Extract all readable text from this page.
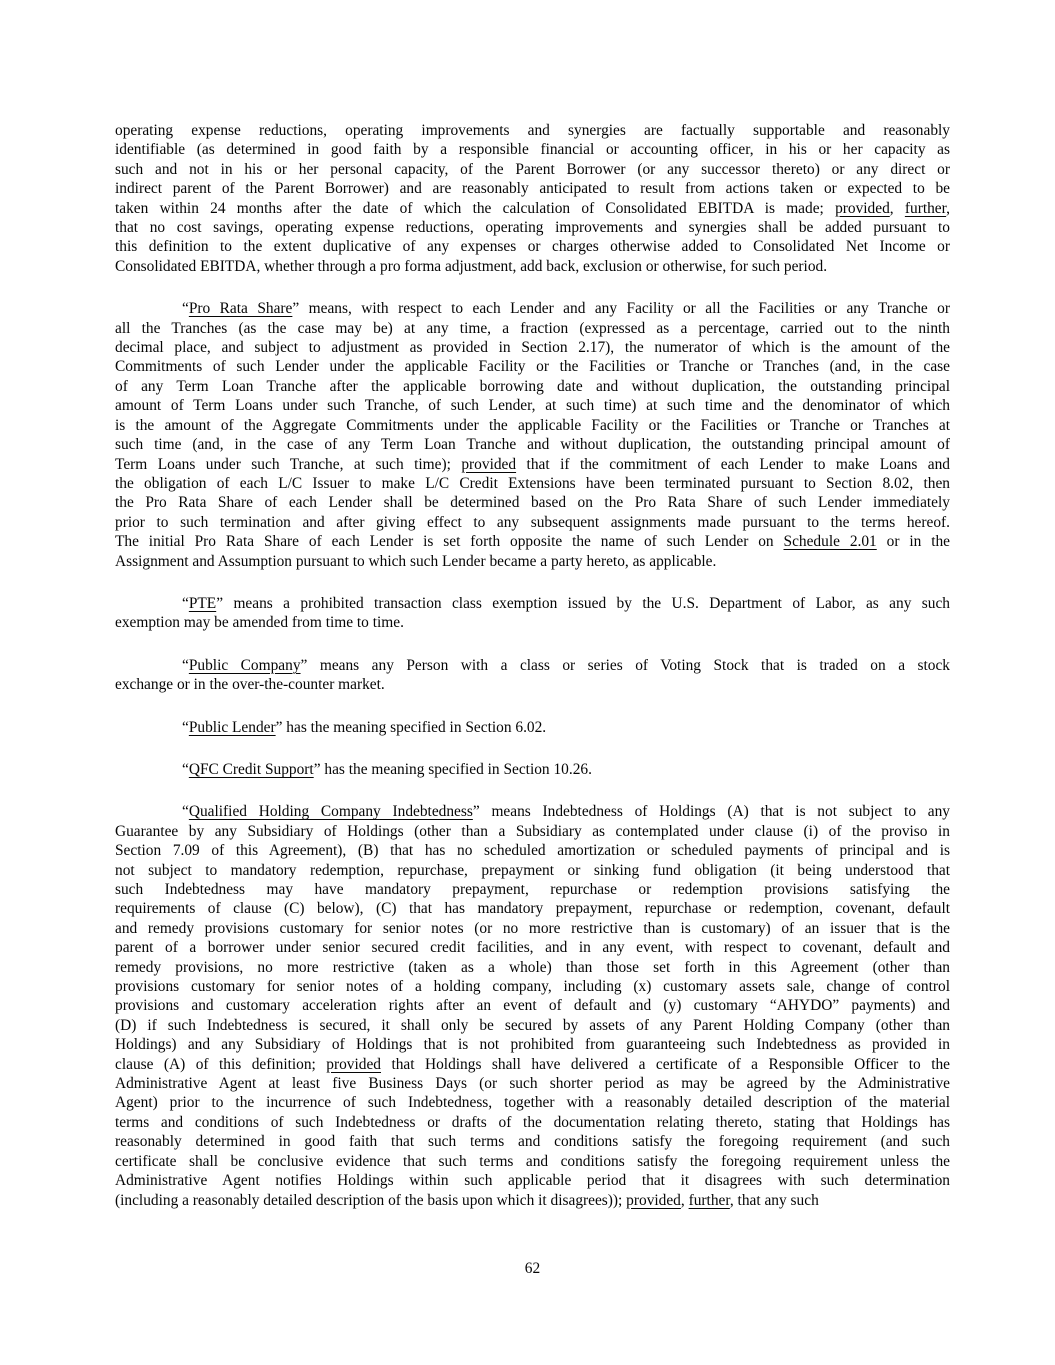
operating expense reductions, operating improvements and synergies are factually supportable and reasonably
identifiable (as determined in good faith by a responsible financial or accounting officer, in his or her capacity as
such and not in his or her personal capacity, of the Parent Borrower (or any successor thereto) or any direct or
indirect parent of the Parent Borrower) and are reasonably anticipated to result from actions taken or expected to be
taken within 24 months after the date of which the calculation of Consolidated EBITDA is made; provided, further,
that no cost savings, operating expense reductions, operating improvements and synergies shall be added pursuant to
this definition to the extent duplicative of any expenses or charges otherwise added to Consolidated Net Income or
Consolidated EBITDA, whether through a pro forma adjustment, add back, exclusion or otherwise, for such period.
“Pro Rata Share” means, with respect to each Lender and any Facility or all the Facilities or any Tranche or
all the Tranches (as the case may be) at any time, a fraction (expressed as a percentage, carried out to the ninth
decimal place, and subject to adjustment as provided in Section 2.17), the numerator of which is the amount of the
Commitments of such Lender under the applicable Facility or the Facilities or Tranche or Tranches (and, in the case
of any Term Loan Tranche after the applicable borrowing date and without duplication, the outstanding principal
amount of Term Loans under such Tranche, of such Lender, at such time) at such time and the denominator of which
is the amount of the Aggregate Commitments under the applicable Facility or the Facilities or Tranche or Tranches at
such time (and, in the case of any Term Loan Tranche and without duplication, the outstanding principal amount of
Term Loans under such Tranche, at such time); provided that if the commitment of each Lender to make Loans and
the obligation of each L/C Issuer to make L/C Credit Extensions have been terminated pursuant to Section 8.02, then
the Pro Rata Share of each Lender shall be determined based on the Pro Rata Share of such Lender immediately
prior to such termination and after giving effect to any subsequent assignments made pursuant to the terms hereof.
The initial Pro Rata Share of each Lender is set forth opposite the name of such Lender on Schedule 2.01 or in the
Assignment and Assumption pursuant to which such Lender became a party hereto, as applicable.
“PTE” means a prohibited transaction class exemption issued by the U.S. Department of Labor, as any such
exemption may be amended from time to time.
“Public Company” means any Person with a class or series of Voting Stock that is traded on a stock
exchange or in the over-the-counter market.
“Public Lender” has the meaning specified in Section 6.02.
“QFC Credit Support” has the meaning specified in Section 10.26.
“Qualified Holding Company Indebtedness” means Indebtedness of Holdings (A) that is not subject to any
Guarantee by any Subsidiary of Holdings (other than a Subsidiary as contemplated under clause (i) of the proviso in
Section 7.09 of this Agreement), (B) that has no scheduled amortization or scheduled payments of principal and is
not subject to mandatory redemption, repurchase, prepayment or sinking fund obligation (it being understood that
such Indebtedness may have mandatory prepayment, repurchase or redemption provisions satisfying the
requirements of clause (C) below), (C) that has mandatory prepayment, repurchase or redemption, covenant, default
and remedy provisions customary for senior notes (or no more restrictive than is customary) of an issuer that is the
parent of a borrower under senior secured credit facilities, and in any event, with respect to covenant, default and
remedy provisions, no more restrictive (taken as a whole) than those set forth in this Agreement (other than
provisions customary for senior notes of a holding company, including (x) customary assets sale, change of control
provisions and customary acceleration rights after an event of default and (y) customary “AHYDO” payments) and
(D) if such Indebtedness is secured, it shall only be secured by assets of any Parent Holding Company (other than
Holdings) and any Subsidiary of Holdings that is not prohibited from guaranteeing such Indebtedness as provided in
clause (A) of this definition; provided that Holdings shall have delivered a certificate of a Responsible Officer to the
Administrative Agent at least five Business Days (or such shorter period as may be agreed by the Administrative
Agent) prior to the incurrence of such Indebtedness, together with a reasonably detailed description of the material
terms and conditions of such Indebtedness or drafts of the documentation relating thereto, stating that Holdings has
reasonably determined in good faith that such terms and conditions satisfy the foregoing requirement (and such
certificate shall be conclusive evidence that such terms and conditions satisfy the foregoing requirement unless the
Administrative Agent notifies Holdings within such applicable period that it disagrees with such determination
(including a reasonably detailed description of the basis upon which it disagrees)); provided, further, that any such
62
